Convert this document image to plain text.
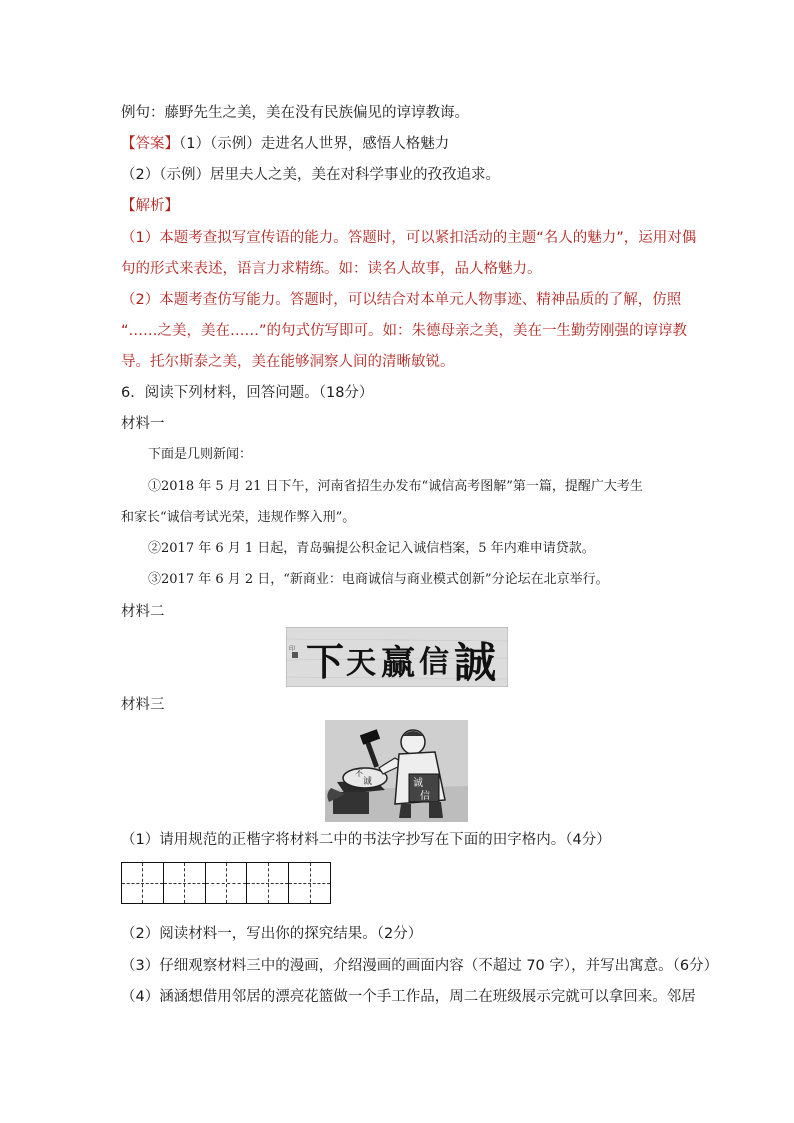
例句：藤野先生之美，美在没有民族偏见的谆谆教诲。
【答案】（1）（示例）走进名人世界，感悟人格魅力
（2）（示例）居里夫人之美，美在对科学事业的孜孜追求。
【解析】
（1）本题考查拟写宣传语的能力。答题时，可以紧扣活动的主题“名人的魅力”，运用对偶
句的形式来表述，语言力求精练。如：读名人故事，品人格魅力。
（2）本题考查仿写能力。答题时，可以结合对本单元人物事迹、精神品质的了解，仿照
“……之美，美在……”的句式仿写即可。如：朱德母亲之美，美在一生勤劳刚强的谆谆教
导。托尔斯泰之美，美在能够洞察人间的清晰敏锐。
6．阅读下列材料，回答问题。（18分）
材料一
下面是几则新闻：
①2018 年 5 月 21 日下午，河南省招生办发布“诚信高考图解”第一篇，提醒广大考生
和家长“诚信考试光荣，违规作弊入刑”。
②2017 年 6 月 1 日起，青岛骗提公积金记入诚信档案，5 年内难申请贷款。
③2017 年 6 月 2 日，“新商业：电商诚信与商业模式创新”分论坛在北京举行。
材料二
印 下 天 赢 信 誠
材料三
不
诚	诚
信
（1）请用规范的正楷字将材料二中的书法字抄写在下面的田字格内。（4分）
（2）阅读材料一，写出你的探究结果。（2分）
（3）仔细观察材料三中的漫画，介绍漫画的画面内容（不超过 70 字），并写出寓意。（6分）
（4）涵涵想借用邻居的漂亮花篮做一个手工作品，周二在班级展示完就可以拿回来。邻居
